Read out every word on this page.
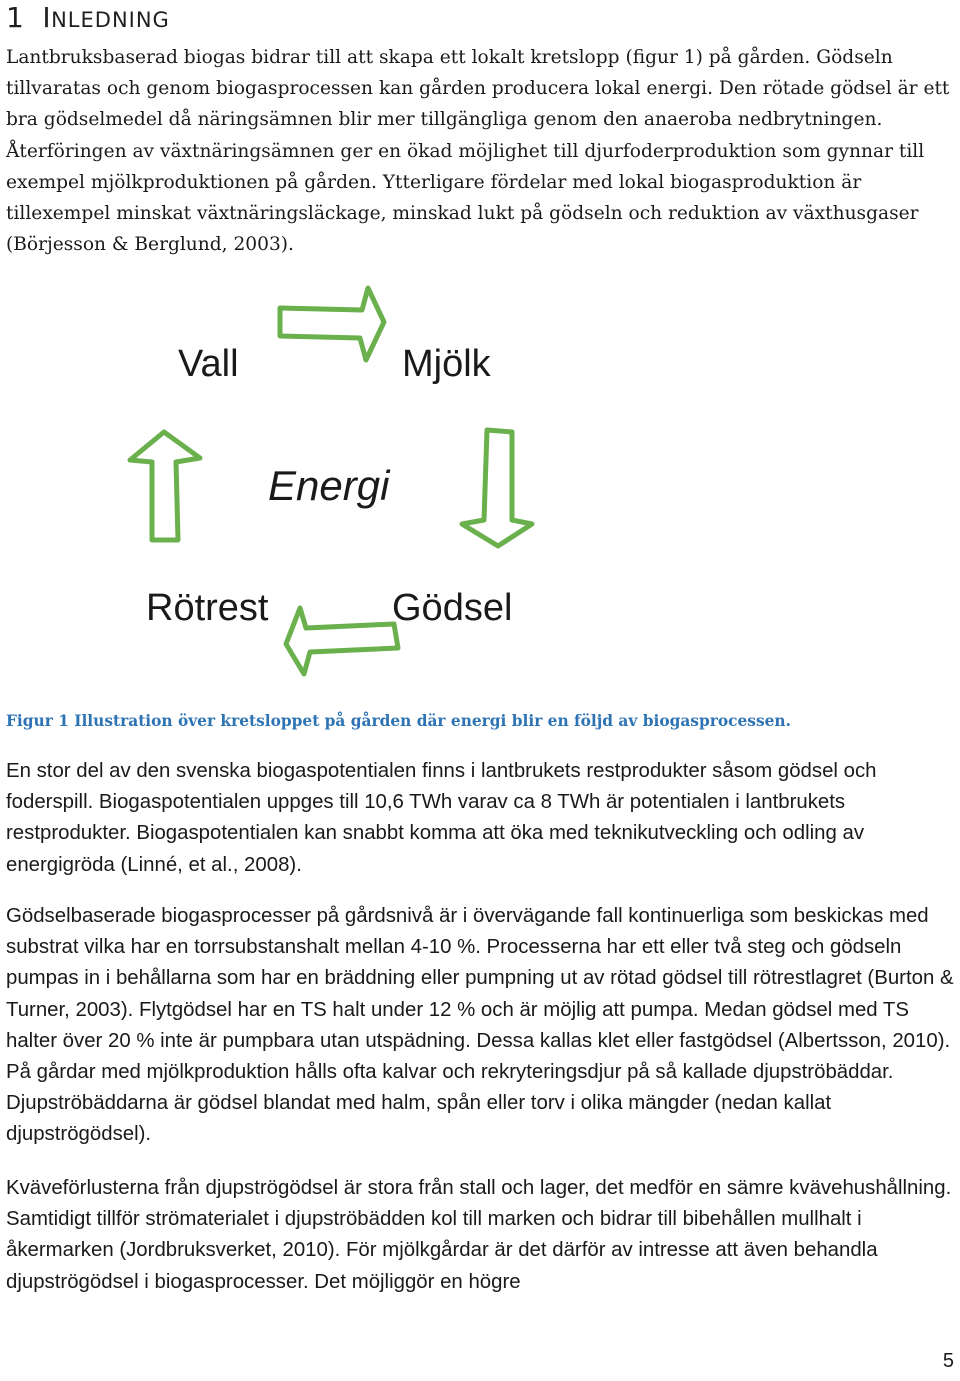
1 INLEDNING

Lantbruksbaserad biogas bidrar till att skapa ett lokalt kretslopp (figur 1) på gården. Gödseln tillvaratas och genom biogasprocessen kan gården producera lokal energi. Den rötade gödsel är ett bra gödselmedel då näringsämnen blir mer tillgängliga genom den anaeroba nedbrytningen. Återföringen av växtnäringsämnen ger en ökad möjlighet till djurfoderproduktion som gynnar till exempel mjölkproduktionen på gården. Ytterligare fördelar med lokal biogasproduktion är tillexempel minskat växtnäringsläckage, minskad lukt på gödseln och reduktion av växthusgaser (Börjesson & Berglund, 2003).

Vall	Mjölk
Energi
Rötrest	Gödsel

Figur 1 Illustration över kretsloppet på gården där energi blir en följd av biogasprocessen.

En stor del av den svenska biogaspotentialen finns i lantbrukets restprodukter såsom gödsel och foderspill. Biogaspotentialen uppges till 10,6 TWh varav ca 8 TWh är potentialen i lantbrukets restprodukter. Biogaspotentialen kan snabbt komma att öka med teknikutveckling och odling av energigröda (Linné, et al., 2008).

Gödselbaserade biogasprocesser på gårdsnivå är i övervägande fall kontinuerliga som beskickas med substrat vilka har en torrsubstanshalt mellan 4-10 %. Processerna har ett eller två steg och gödseln pumpas in i behållarna som har en bräddning eller pumpning ut av rötad gödsel till rötrestlagret (Burton & Turner, 2003). Flytgödsel har en TS halt under 12 % och är möjlig att pumpa. Medan gödsel med TS halter över 20 % inte är pumpbara utan utspädning. Dessa kallas klet eller fastgödsel (Albertsson, 2010). På gårdar med mjölkproduktion hålls ofta kalvar och rekryteringsdjur på så kallade djupströbäddar. Djupströbäddarna är gödsel blandat med halm, spån eller torv i olika mängder (nedan kallat djupströgödsel).

Kväveförlusterna från djupströgödsel är stora från stall och lager, det medför en sämre kvävehushållning. Samtidigt tillför strömaterialet i djupströbädden kol till marken och bidrar till bibehållen mullhalt i åkermarken (Jordbruksverket, 2010). För mjölkgårdar är det därför av intresse att även behandla djupströgödsel i biogasprocesser. Det möjliggör en högre

5
